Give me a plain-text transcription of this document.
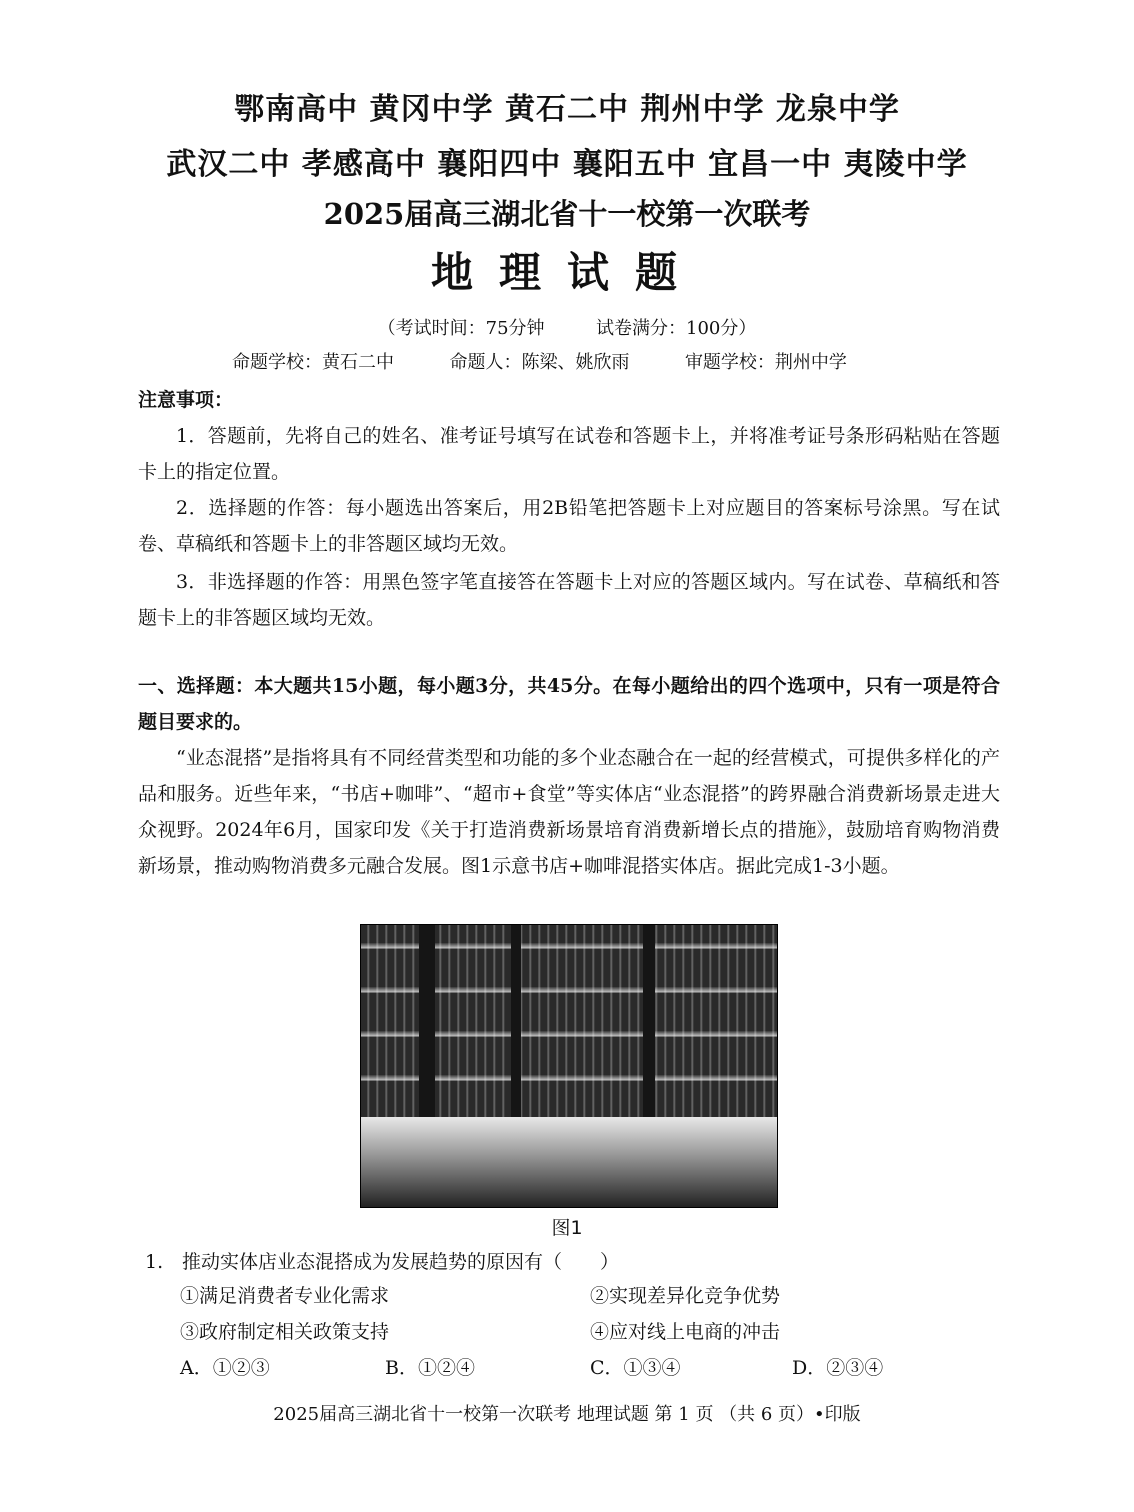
鄂南高中 黄冈中学 黄石二中 荆州中学 龙泉中学
武汉二中 孝感高中 襄阳四中 襄阳五中 宜昌一中 夷陵中学
2025届高三湖北省十一校第一次联考
地理试题
（考试时间：75分钟	试卷满分：100分）
命题学校：黄石二中	命题人：陈梁、姚欣雨	审题学校：荆州中学
注意事项：
1．答题前，先将自己的姓名、准考证号填写在试卷和答题卡上，并将准考证号条形码粘贴在答题卡上的指定位置。
2．选择题的作答：每小题选出答案后，用2B铅笔把答题卡上对应题目的答案标号涂黑。写在试卷、草稿纸和答题卡上的非答题区域均无效。
3．非选择题的作答：用黑色签字笔直接答在答题卡上对应的答题区域内。写在试卷、草稿纸和答题卡上的非答题区域均无效。
一、选择题：本大题共15小题，每小题3分，共45分。在每小题给出的四个选项中，只有一项是符合题目要求的。
“业态混搭”是指将具有不同经营类型和功能的多个业态融合在一起的经营模式，可提供多样化的产品和服务。近些年来，“书店+咖啡”、“超市+食堂”等实体店“业态混搭”的跨界融合消费新场景走进大众视野。2024年6月，国家印发《关于打造消费新场景培育消费新增长点的措施》，鼓励培育购物消费新场景，推动购物消费多元融合发展。图1示意书店+咖啡混搭实体店。据此完成1-3小题。
图1
1. 推动实体店业态混搭成为发展趋势的原因有（　　）
①满足消费者专业化需求	②实现差异化竞争优势
③政府制定相关政策支持	④应对线上电商的冲击
A．①②③	B．①②④	C．①③④	D．②③④
2025届高三湖北省十一校第一次联考 地理试题 第 1 页 （共 6 页）•印版
